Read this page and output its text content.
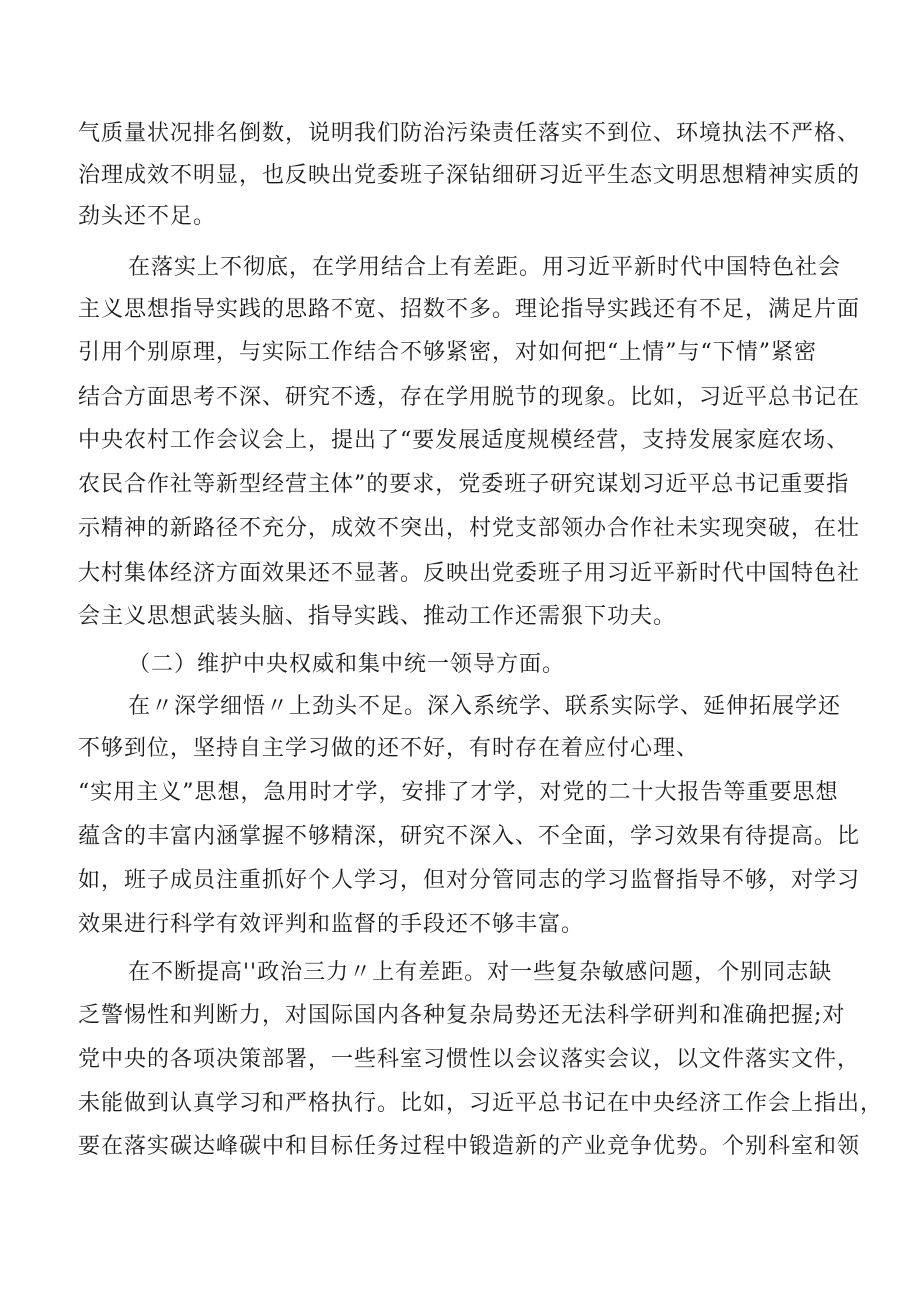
气质量状况排名倒数，说明我们防治污染责任落实不到位、环境执法不严格、
治理成效不明显，也反映出党委班子深钻细研习近平生态文明思想精神实质的
劲头还不足。
在落实上不彻底，在学用结合上有差距。用习近平新时代中国特色社会
主义思想指导实践的思路不宽、招数不多。理论指导实践还有不足，满足片面
引用个别原理，与实际工作结合不够紧密，对如何把“上情”与“下情”紧密
结合方面思考不深、研究不透，存在学用脱节的现象。比如，习近平总书记在
中央农村工作会议会上，提出了“要发展适度规模经营，支持发展家庭农场、
农民合作社等新型经营主体”的要求，党委班子研究谋划习近平总书记重要指
示精神的新路径不充分，成效不突出，村党支部领办合作社未实现突破，在壮
大村集体经济方面效果还不显著。反映出党委班子用习近平新时代中国特色社
会主义思想武装头脑、指导实践、推动工作还需狠下功夫。
（二）维护中央权威和集中统一领导方面。
在〃深学细悟〃上劲头不足。深入系统学、联系实际学、延伸拓展学还
不够到位，坚持自主学习做的还不好，有时存在着应付心理、
“实用主义”思想，急用时才学，安排了才学，对党的二十大报告等重要思想
蕴含的丰富内涵掌握不够精深，研究不深入、不全面，学习效果有待提高。比
如，班子成员注重抓好个人学习，但对分管同志的学习监督指导不够，对学习
效果进行科学有效评判和监督的手段还不够丰富。
在不断提高''政治三力〃上有差距。对一些复杂敏感问题，个别同志缺
乏警惕性和判断力，对国际国内各种复杂局势还无法科学研判和准确把握;对
党中央的各项决策部署，一些科室习惯性以会议落实会议，以文件落实文件，
未能做到认真学习和严格执行。比如，习近平总书记在中央经济工作会上指出，
要在落实碳达峰碳中和目标任务过程中锻造新的产业竞争优势。个别科室和领
